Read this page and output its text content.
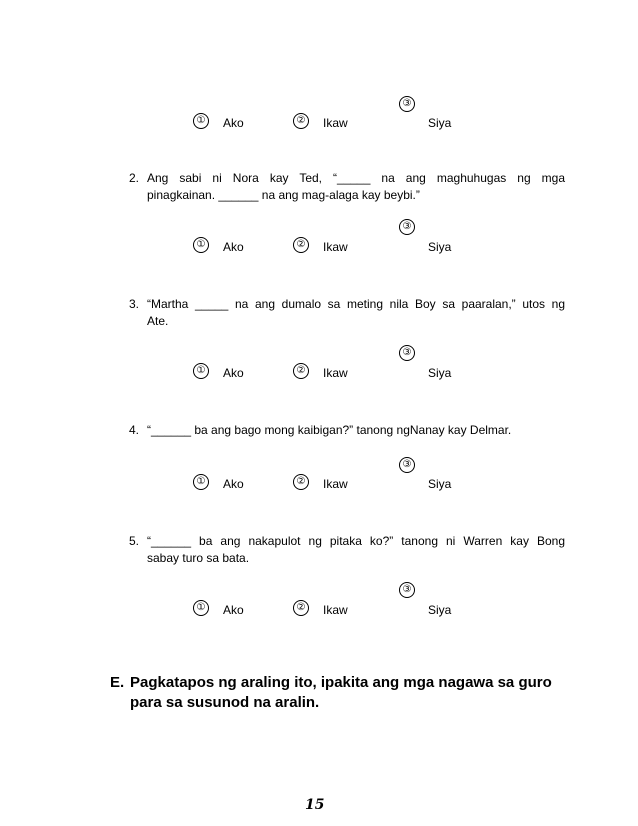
③
① Ako	② Ikaw	Siya
2. Ang sabi ni Nora kay Ted, “_____ na ang maghuhugas ng mga
pinagkainan. ______ na ang mag-alaga kay beybi.”
③
① Ako	② Ikaw	Siya
3. “Martha _____ na ang dumalo sa meting nila Boy sa paaralan,” utos ng
Ate.
③
① Ako	② Ikaw	Siya
4. “______ ba ang bago mong kaibigan?” tanong ngNanay kay Delmar.
③
① Ako	② Ikaw	Siya
5. “______ ba ang nakapulot ng pitaka ko?” tanong ni Warren kay Bong
sabay turo sa bata.
③
① Ako	② Ikaw	Siya
E. Pagkatapos ng araling ito, ipakita ang mga nagawa sa guro
para sa susunod na aralin.
15
